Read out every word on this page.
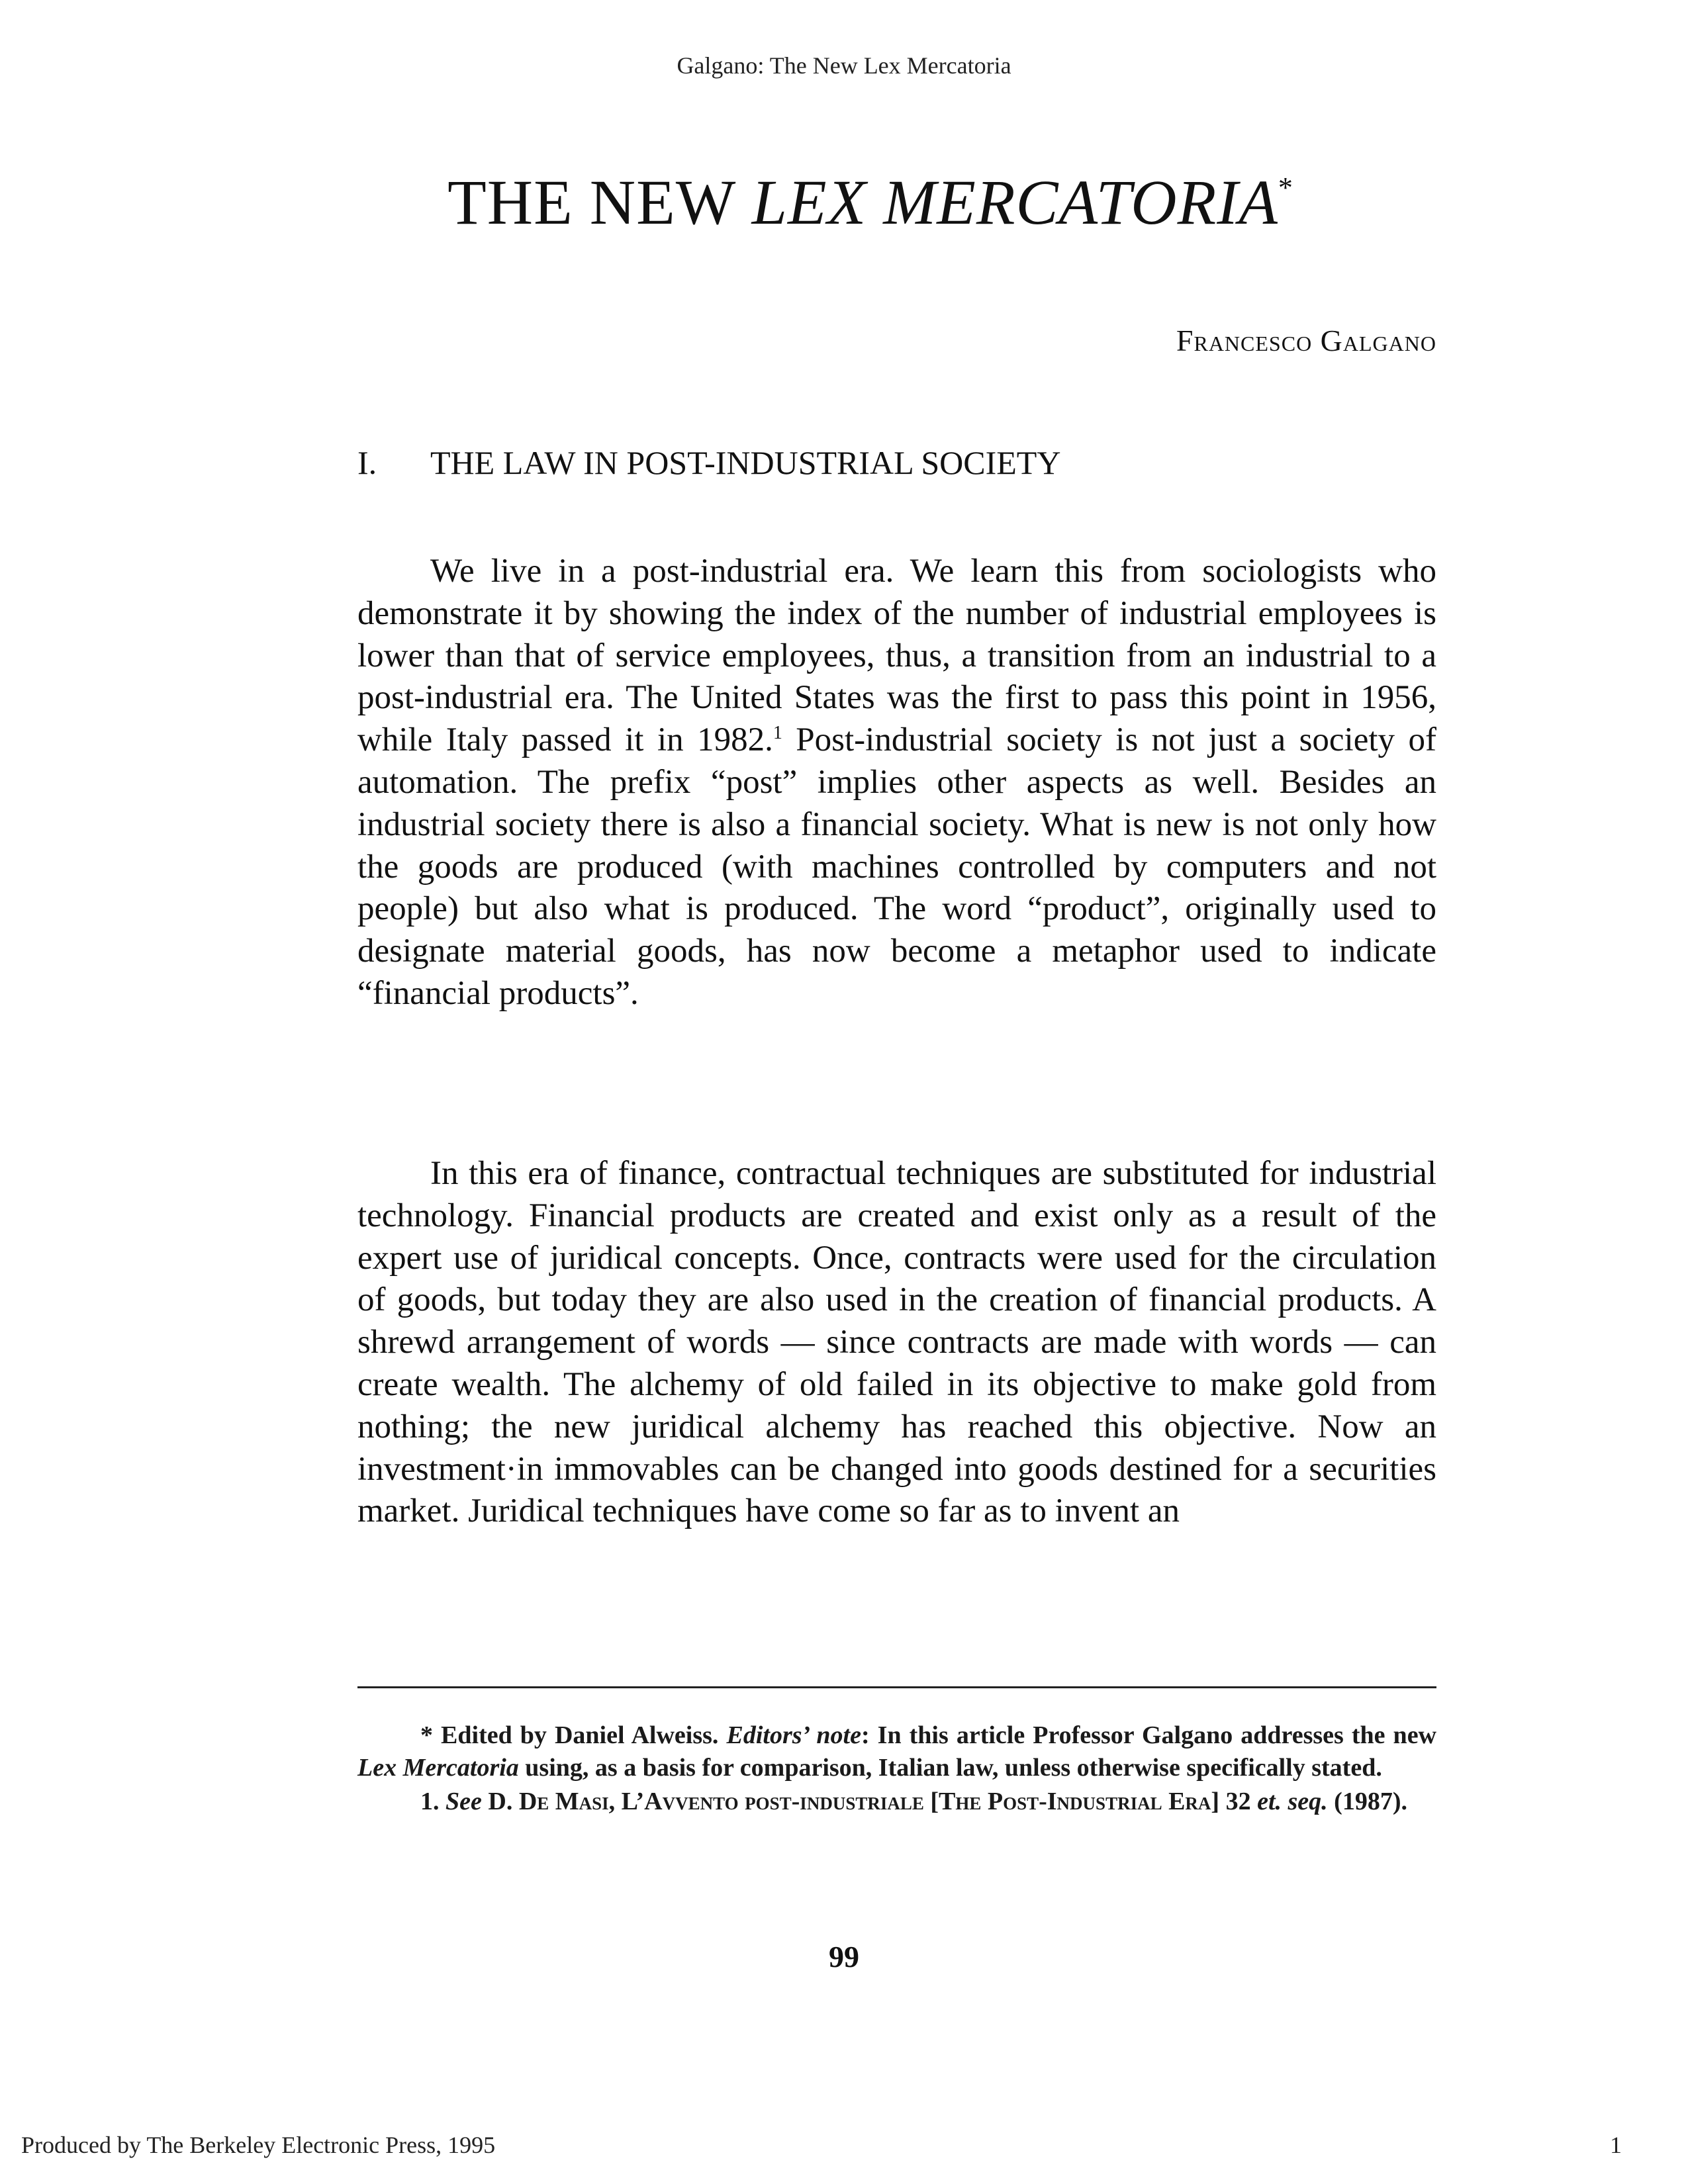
Galgano: The New Lex Mercatoria
THE NEW LEX MERCATORIA*
Francesco Galgano
I. THE LAW IN POST-INDUSTRIAL SOCIETY

We live in a post-industrial era. We learn this from sociologists who demonstrate it by showing the index of the number of industrial employees is lower than that of service employees, thus, a transition from an industrial to a post-industrial era. The United States was the first to pass this point in 1956, while Italy passed it in 1982.$^1$ Post-industrial society is not just a society of automation. The prefix “post” implies other aspects as well. Besides an industrial society there is also a financial society. What is new is not only how the goods are produced (with machines controlled by computers and not people) but also what is produced. The word “product”, originally used to designate material goods, has now become a metaphor used to indicate “financial products”.

In this era of finance, contractual techniques are substituted for industrial technology. Financial products are created and exist only as a result of the expert use of juridical concepts. Once, contracts were used for the circulation of goods, but today they are also used in the creation of financial products. A shrewd arrangement of words — since contracts are made with words — can create wealth. The alchemy of old failed in its objective to make gold from nothing; the new juridical alchemy has reached this objective. Now an investment·in immovables can be changed into goods destined for a securities market. Juridical techniques have come so far as to invent an

* Edited by Daniel Alweiss. Editors’ note: In this article Professor Galgano addresses the new Lex Mercatoria using, as a basis for comparison, Italian law, unless otherwise specifically stated.

1. See D. De Masi, L’Avvento post-industriale [The Post-Industrial Era] 32 et. seq. (1987).

99
Produced by The Berkeley Electronic Press, 1995	1
